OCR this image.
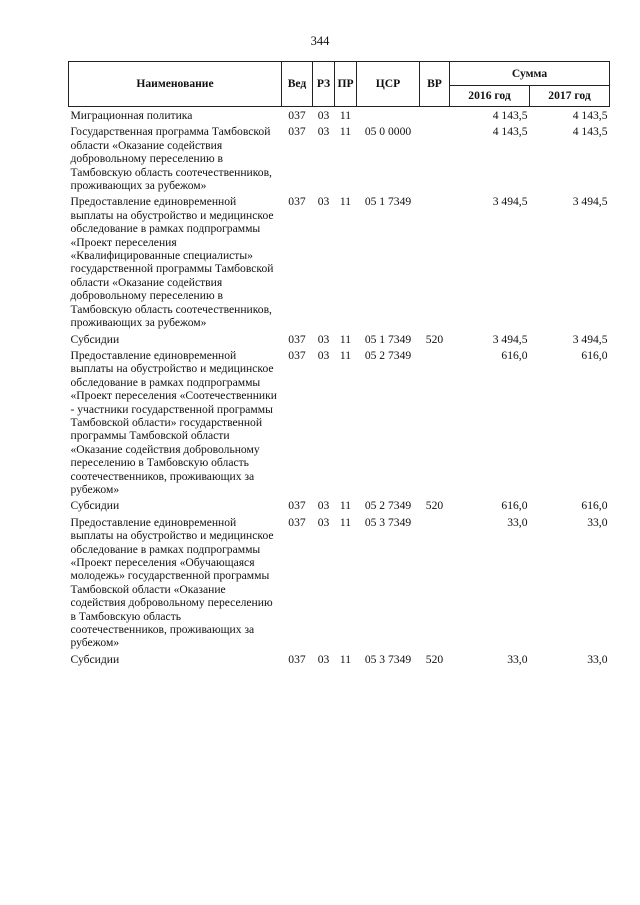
344
Наименование	Вед	РЗ	ПР	ЦСР	ВР	Сумма	
						2016 год	2017 год
Миграционная политика	037	03	11			4 143,5	4 143,5
Государственная программа Тамбовской области «Оказание содействия добровольному переселению в Тамбовскую область соотечественников, проживающих за рубежом»	037	03	11	05 0 0000		4 143,5	4 143,5
Предоставление единовременной выплаты на обустройство и медицинское обследование в рамках подпрограммы «Проект переселения «Квалифицированные специалисты» государственной программы Тамбовской области «Оказание содействия добровольному переселению в Тамбовскую область соотечественников, проживающих за рубежом»	037	03	11	05 1 7349		3 494,5	3 494,5
Субсидии	037	03	11	05 1 7349	520	3 494,5	3 494,5
Предоставление единовременной выплаты на обустройство и медицинское обследование в рамках подпрограммы «Проект переселения «Соотечественники - участники государственной программы Тамбовской области» государственной программы Тамбовской области «Оказание содействия добровольному переселению в Тамбовскую область соотечественников, проживающих за рубежом»	037	03	11	05 2 7349		616,0	616,0
Субсидии	037	03	11	05 2 7349	520	616,0	616,0
Предоставление единовременной выплаты на обустройство и медицинское обследование в рамках подпрограммы «Проект переселения «Обучающаяся молодежь» государственной программы Тамбовской области «Оказание содействия добровольному переселению в Тамбовскую область соотечественников, проживающих за рубежом»	037	03	11	05 3 7349		33,0	33,0
Субсидии	037	03	11	05 3 7349	520	33,0	33,0
